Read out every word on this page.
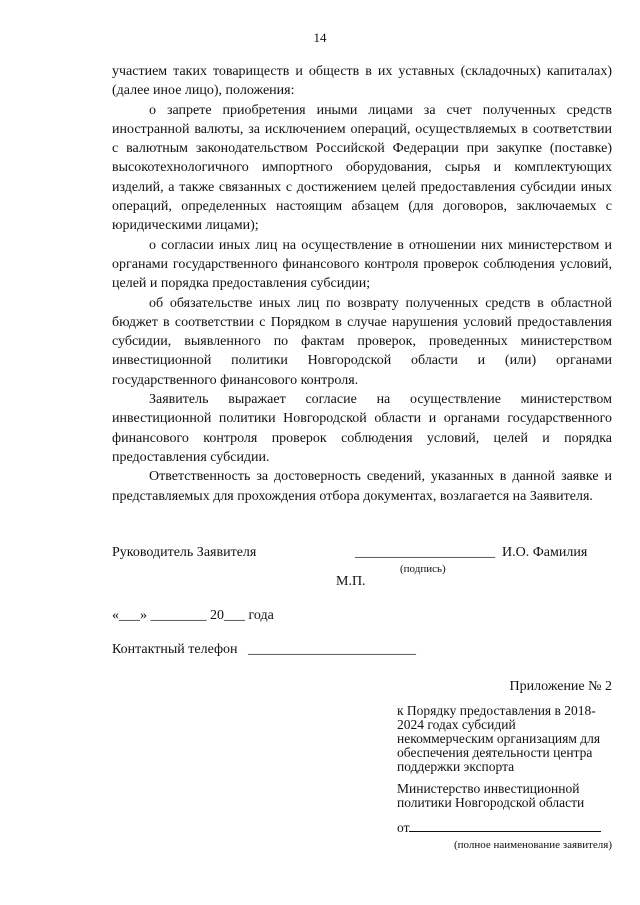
14

участием таких товариществ и обществ в их уставных (складочных) капиталах) (далее иное лицо), положения:

о запрете приобретения иными лицами за счет полученных средств иностранной валюты, за исключением операций, осуществляемых в соответствии с валютным законодательством Российской Федерации при закупке (поставке) высокотехнологичного импортного оборудования, сырья и комплектующих изделий, а также связанных с достижением целей предоставления субсидии иных операций, определенных настоящим абзацем (для договоров, заключаемых с юридическими лицами);

о согласии иных лиц на осуществление в отношении них министерством и органами государственного финансового контроля проверок соблюдения условий, целей и порядка предоставления субсидии;

об обязательстве иных лиц по возврату полученных средств в областной бюджет в соответствии с Порядком в случае нарушения условий предоставления субсидии, выявленного по фактам проверок, проведенных министерством инвестиционной политики Новгородской области и (или) органами государственного финансового контроля.

Заявитель выражает согласие на осуществление министерством инвестиционной политики Новгородской области и органами государственного финансового контроля проверок соблюдения условий, целей и порядка предоставления субсидии.

Ответственность за достоверность сведений, указанных в данной заявке и представляемых для прохождения отбора документах, возлагается на Заявителя.

Руководитель Заявителя	____________________ И.О. Фамилия
(подпись)
М.П.
«___» ________ 20___ года
Контактный телефон ________________________
Приложение № 2
к Порядку предоставления в 2018-2024 годах субсидий некоммерческим организациям для обеспечения деятельности центра поддержки экспорта
Министерство инвестиционной политики Новгородской области
от
(полное наименование заявителя)
